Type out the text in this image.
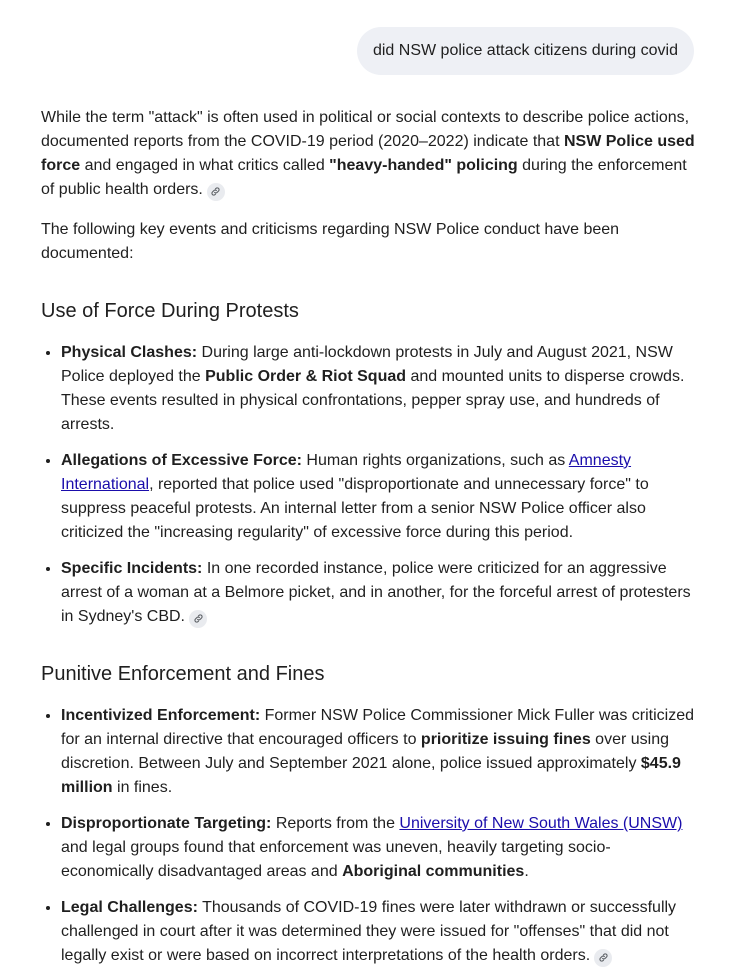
did NSW police attack citizens during covid

While the term "attack" is often used in political or social contexts to describe police actions, documented reports from the COVID-19 period (2020–2022) indicate that NSW Police used force and engaged in what critics called "heavy-handed" policing during the enforcement of public health orders.

The following key events and criticisms regarding NSW Police conduct have been documented:

Use of Force During Protests
• Physical Clashes: During large anti-lockdown protests in July and August 2021, NSW Police deployed the Public Order & Riot Squad and mounted units to disperse crowds. These events resulted in physical confrontations, pepper spray use, and hundreds of arrests.
• Allegations of Excessive Force: Human rights organizations, such as Amnesty International, reported that police used "disproportionate and unnecessary force" to suppress peaceful protests. An internal letter from a senior NSW Police officer also criticized the "increasing regularity" of excessive force during this period.
• Specific Incidents: In one recorded instance, police were criticized for an aggressive arrest of a woman at a Belmore picket, and in another, for the forceful arrest of protesters in Sydney's CBD.
Punitive Enforcement and Fines
• Incentivized Enforcement: Former NSW Police Commissioner Mick Fuller was criticized for an internal directive that encouraged officers to prioritize issuing fines over using discretion. Between July and September 2021 alone, police issued approximately $45.9 million in fines.
• Disproportionate Targeting: Reports from the University of New South Wales (UNSW) and legal groups found that enforcement was uneven, heavily targeting socio-economically disadvantaged areas and Aboriginal communities.
• Legal Challenges: Thousands of COVID-19 fines were later withdrawn or successfully challenged in court after it was determined they were issued for "offenses" that did not legally exist or were based on incorrect interpretations of the health orders.
